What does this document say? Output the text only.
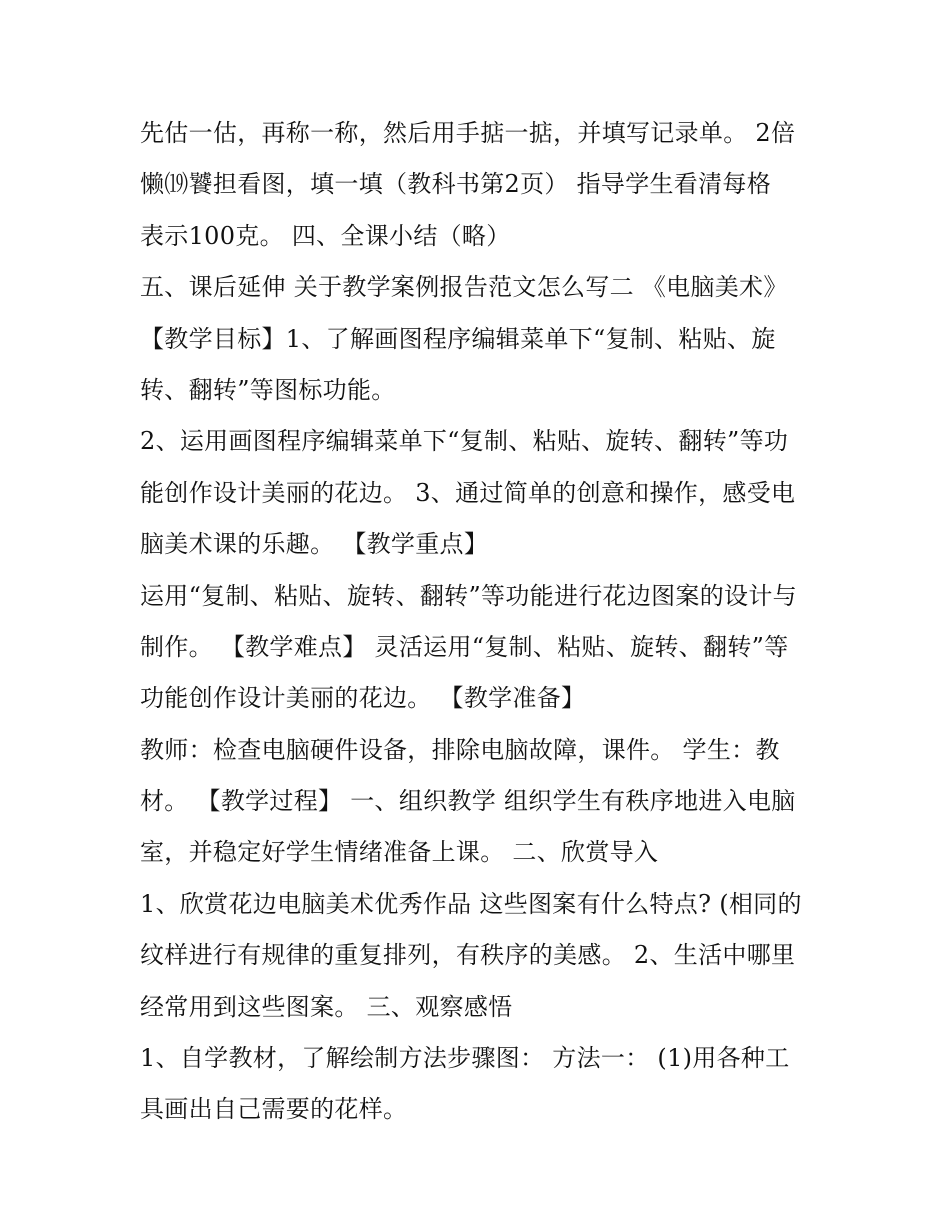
先估一估，再称一称，然后用手掂一掂，并填写记录单。 2倍
懒⒆饕担看图，填一填（教科书第2页） 指导学生看清每格
表示100克。 四、全课小结（略）
五、课后延伸 关于教学案例报告范文怎么写二 《电脑美术》
【教学目标】1、了解画图程序编辑菜单下“复制、粘贴、旋
转、翻转”等图标功能。
2、运用画图程序编辑菜单下“复制、粘贴、旋转、翻转”等功
能创作设计美丽的花边。 3、通过简单的创意和操作，感受电
脑美术课的乐趣。 【教学重点】
运用“复制、粘贴、旋转、翻转”等功能进行花边图案的设计与
制作。 【教学难点】 灵活运用“复制、粘贴、旋转、翻转”等
功能创作设计美丽的花边。 【教学准备】
教师：检查电脑硬件设备，排除电脑故障，课件。 学生：教
材。 【教学过程】 一、组织教学 组织学生有秩序地进入电脑
室，并稳定好学生情绪准备上课。 二、欣赏导入
1、欣赏花边电脑美术优秀作品 这些图案有什么特点? (相同的
纹样进行有规律的重复排列，有秩序的美感。 2、生活中哪里
经常用到这些图案。 三、观察感悟
1、自学教材，了解绘制方法步骤图： 方法一： (1)用各种工
具画出自己需要的花样。
